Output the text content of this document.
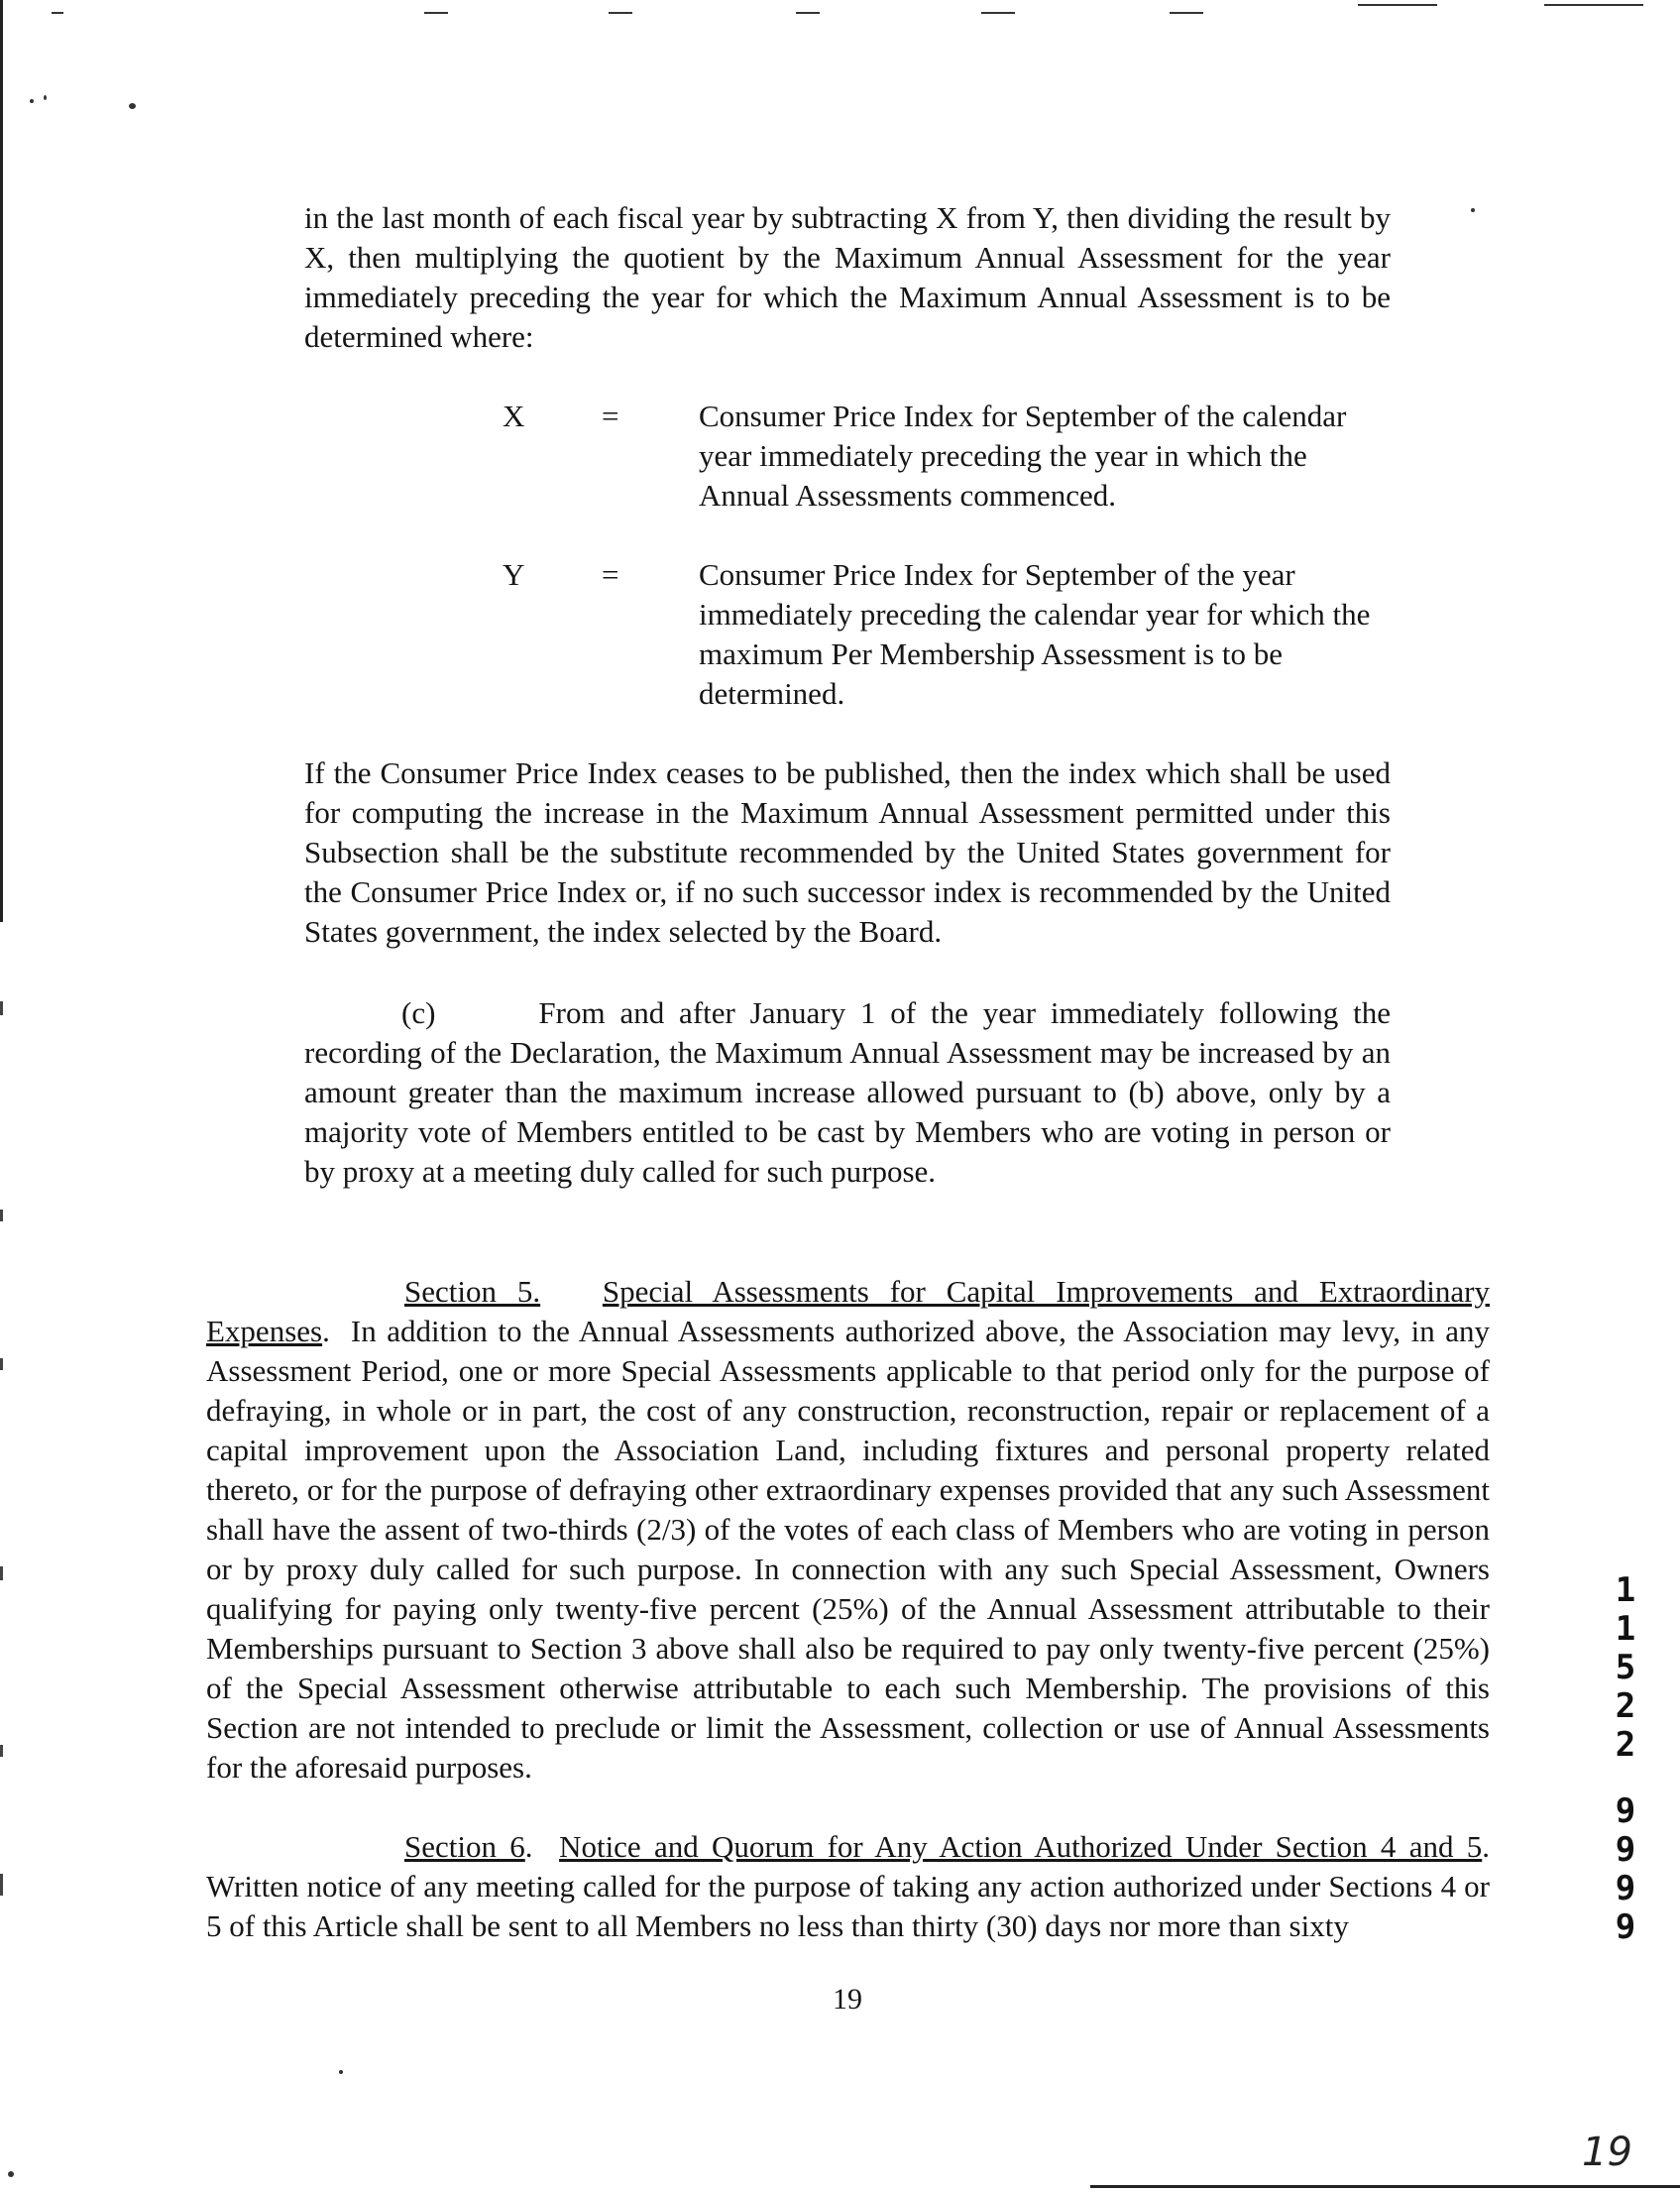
in the last month of each fiscal year by subtracting X from Y, then dividing the result by X, then multiplying the quotient by the Maximum Annual Assessment for the year immediately preceding the year for which the Maximum Annual Assessment is to be determined where:

X	=	Consumer Price Index for September of the calendar year immediately preceding the year in which the Annual Assessments commenced.
Y	=	Consumer Price Index for September of the year immediately preceding the calendar year for which the maximum Per Membership Assessment is to be determined.

If the Consumer Price Index ceases to be published, then the index which shall be used for computing the increase in the Maximum Annual Assessment permitted under this Subsection shall be the substitute recommended by the United States government for the Consumer Price Index or, if no such successor index is recommended by the United States government, the index selected by the Board.

(c)	From and after January 1 of the year immediately following the recording of the Declaration, the Maximum Annual Assessment may be increased by an amount greater than the maximum increase allowed pursuant to (b) above, only by a majority vote of Members entitled to be cast by Members who are voting in person or by proxy at a meeting duly called for such purpose.

Section 5. Special Assessments for Capital Improvements and Extraordinary Expenses. In addition to the Annual Assessments authorized above, the Association may levy, in any Assessment Period, one or more Special Assessments applicable to that period only for the purpose of defraying, in whole or in part, the cost of any construction, reconstruction, repair or replacement of a capital improvement upon the Association Land, including fixtures and personal property related thereto, or for the purpose of defraying other extraordinary expenses provided that any such Assessment shall have the assent of two-thirds (2/3) of the votes of each class of Members who are voting in person or by proxy duly called for such purpose. In connection with any such Special Assessment, Owners qualifying for paying only twenty-five percent (25%) of the Annual Assessment attributable to their Memberships pursuant to Section 3 above shall also be required to pay only twenty-five percent (25%) of the Special Assessment otherwise attributable to each such Membership. The provisions of this Section are not intended to preclude or limit the Assessment, collection or use of Annual Assessments for the aforesaid purposes.

Section 6. Notice and Quorum for Any Action Authorized Under Section 4 and 5. Written notice of any meeting called for the purpose of taking any action authorized under Sections 4 or 5 of this Article shall be sent to all Members no less than thirty (30) days nor more than sixty

19
19
1
1
5
2
2
9
9
9
9
